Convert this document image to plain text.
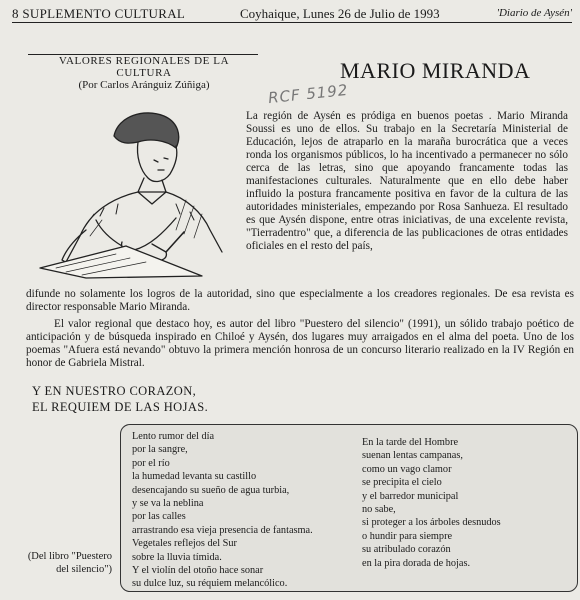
8 SUPLEMENTO CULTURAL	Coyhaique, Lunes 26 de Julio de 1993	'Diario de Aysén'
VALORES REGIONALES DE LA CULTURA
(Por Carlos Aránguiz Zúñiga)	RCF 5192
MARIO MIRANDA
La región de Aysén es pródiga en buenos poetas . Mario Miranda Soussi es uno de ellos. Su trabajo en la Secretaría Ministerial de Educación, lejos de atraparlo en la maraña burocrática que a veces ronda los organismos públicos, lo ha incentivado a permanecer no sólo cerca de las letras, sino que apoyando francamente todas las manifestaciones culturales. Naturalmente que en ello debe haber influido la postura francamente positiva en favor de la cultura de las autoridades ministeriales, empezando por Rosa Sanhueza. El resultado es que Aysén dispone, entre otras iniciativas, de una excelente revista, "Tierradentro" que, a diferencia de las publicaciones de otras entidades oficiales en el resto del país,
difunde no solamente los logros de la autoridad, sino que especialmente a los creadores regionales. De esa revista es director responsable Mario Miranda.
El valor regional que destaco hoy, es autor del libro "Puestero del silencio" (1991), un sólido trabajo poético de anticipación y de búsqueda inspirado en Chiloé y Aysén, dos lugares muy arraigados en el alma del poeta. Uno de los poemas "Afuera está nevando" obtuvo la primera mención honrosa de un concurso literario realizado en la IV Región en honor de Gabriela Mistral.
Y EN NUESTRO CORAZON,
EL REQUIEM DE LAS HOJAS.
Lento rumor del día
por la sangre,
por el río
la humedad levanta su castillo
desencajando su sueño de agua turbia,
y se va la neblina
por las calles
arrastrando esa vieja presencia de fantasma.
Vegetales reflejos del Sur
sobre la lluvia tímida.
Y el violín del otoño hace sonar
su dulce luz, su réquiem melancólico.
En la tarde del Hombre
suenan lentas campanas,
como un vago clamor
se precipita el cielo
y el barredor municipal
no sabe,
si proteger a los árboles desnudos
o hundir para siempre
su atribulado corazón
en la pira dorada de hojas.
(Del libro "Puestero del silencio")
